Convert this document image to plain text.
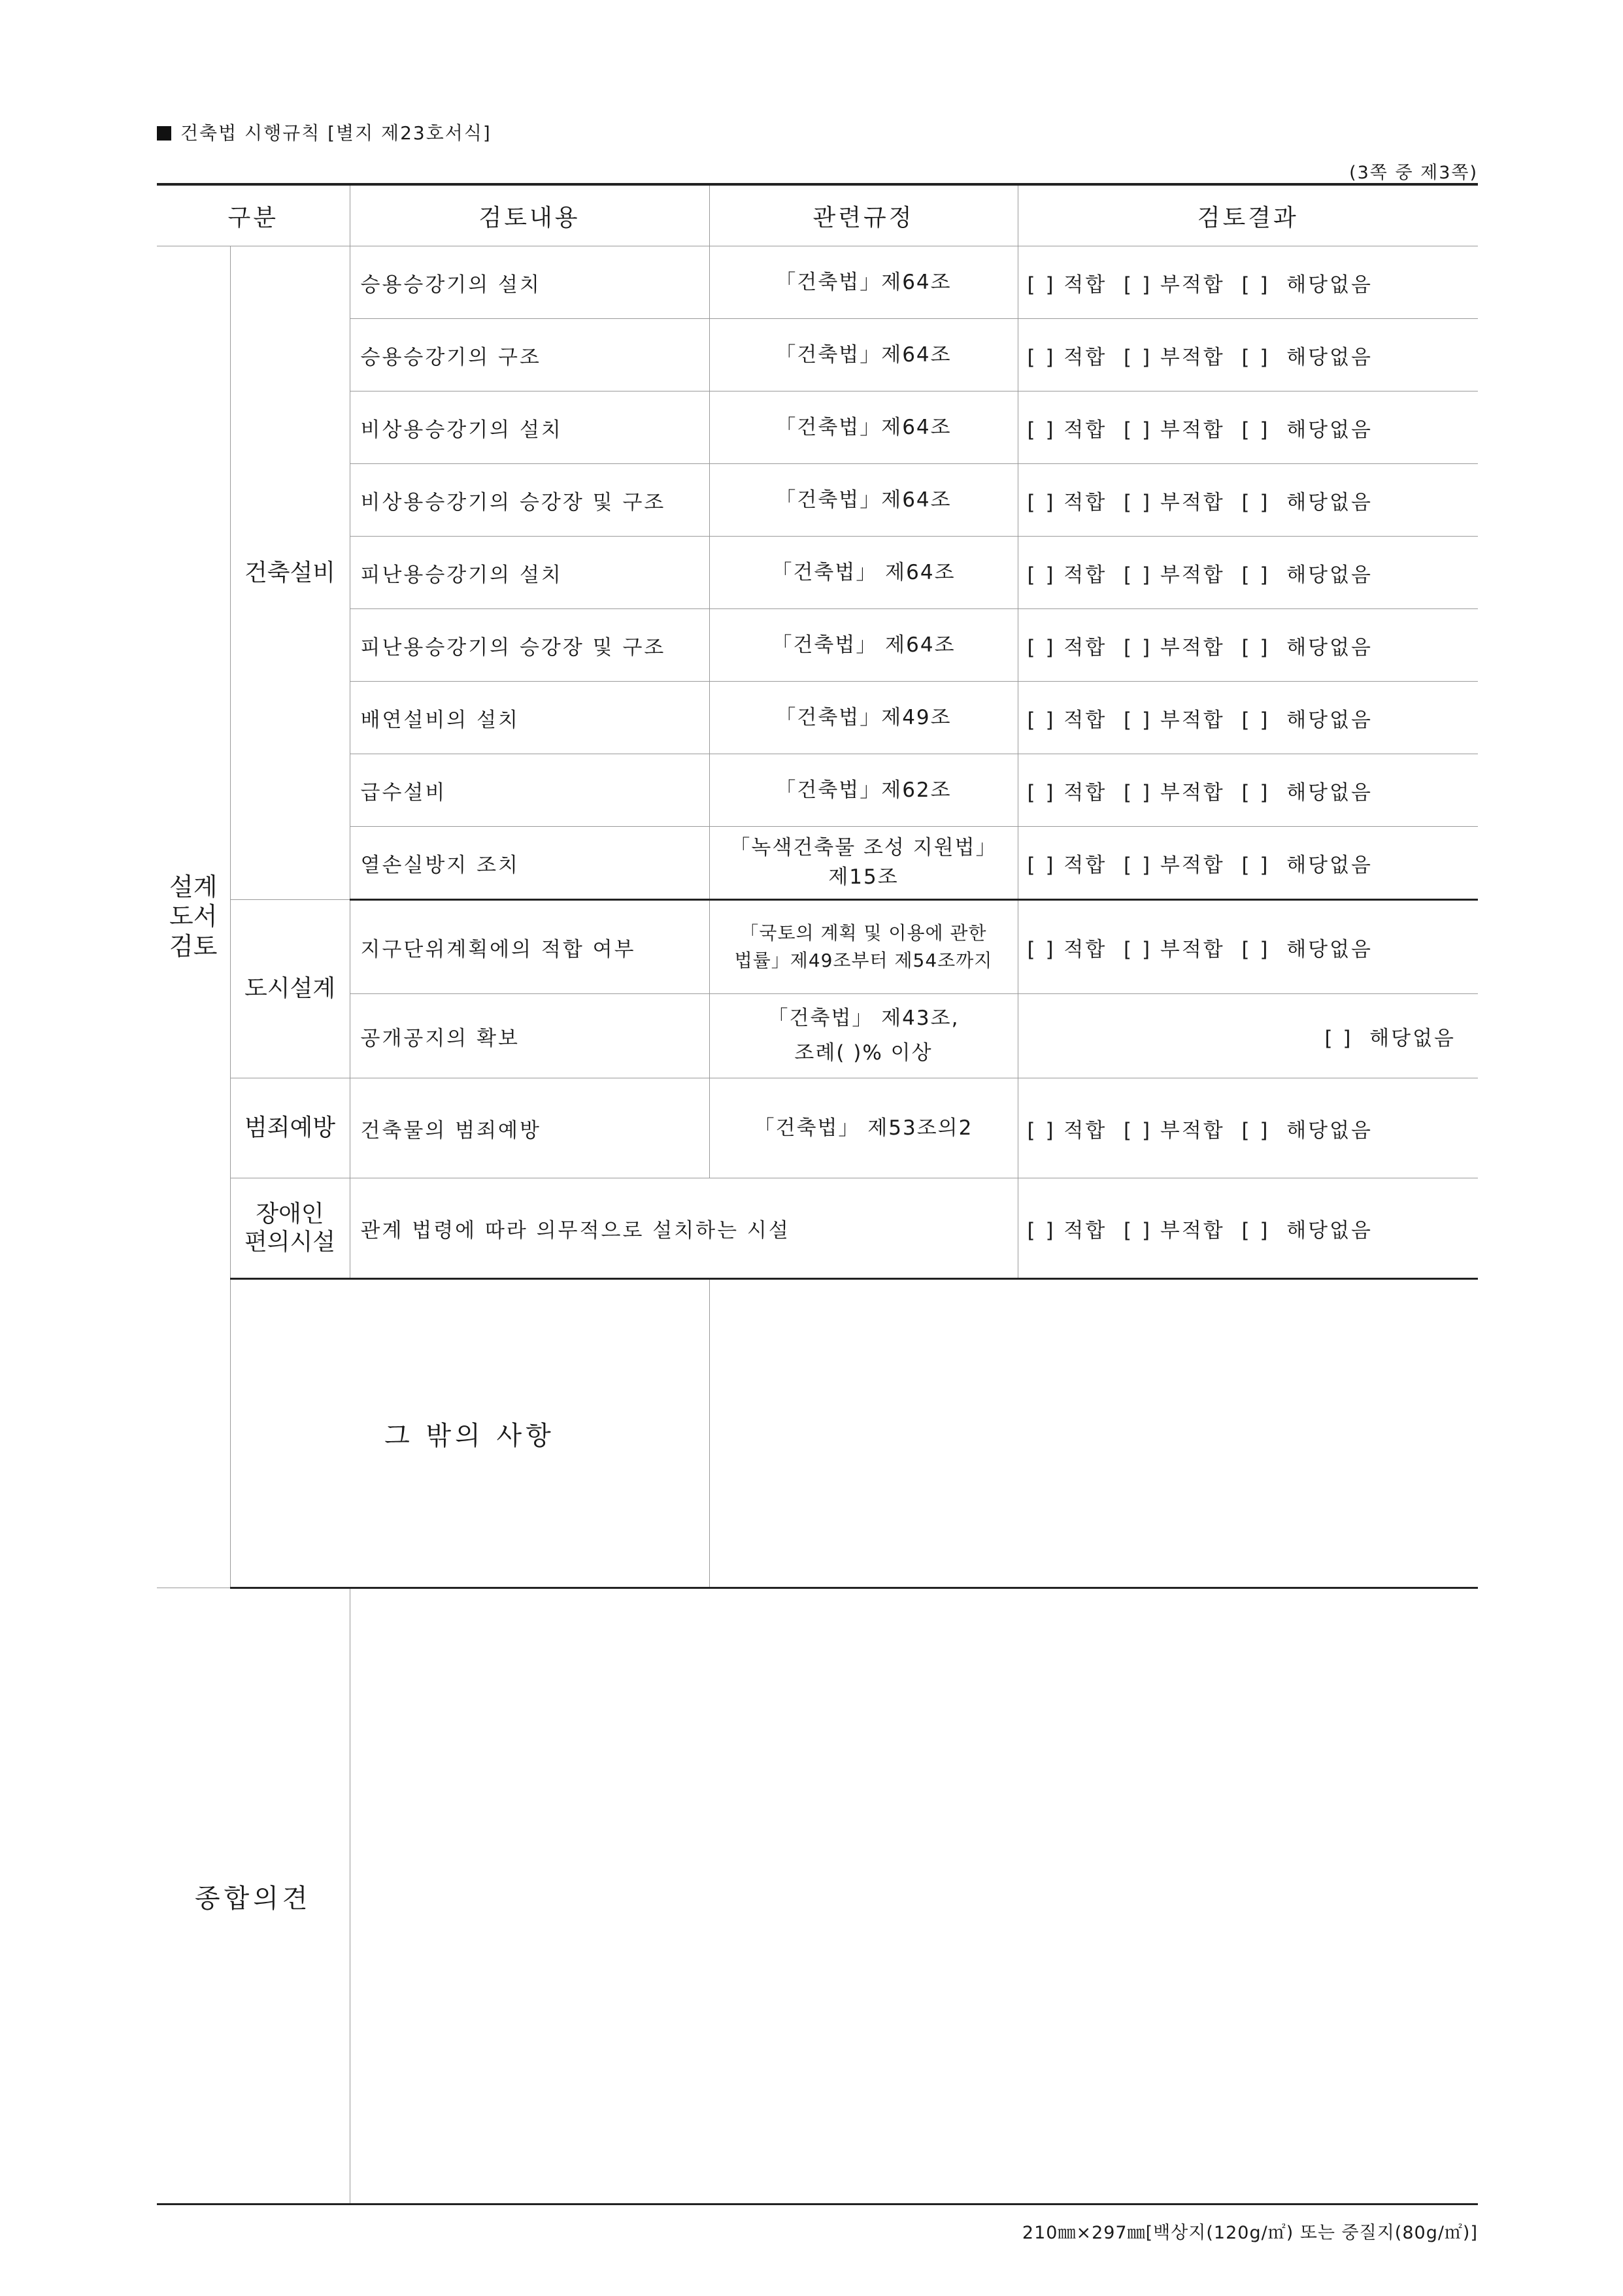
건축법 시행규칙 [별지 제23호서식]
(3쪽 중 제3쪽)
구분		검토내용	관련규정	검토결과
설계
도서
검토	건축설비	승용승강기의 설치	「건축법」제64조	[ ] 적합  [ ] 부적합  [ ]  해당없음
		승용승강기의 구조	「건축법」제64조	[ ] 적합  [ ] 부적합  [ ]  해당없음
		비상용승강기의 설치	「건축법」제64조	[ ] 적합  [ ] 부적합  [ ]  해당없음
		비상용승강기의 승강장 및 구조	「건축법」제64조	[ ] 적합  [ ] 부적합  [ ]  해당없음
		피난용승강기의 설치	「건축법」 제64조	[ ] 적합  [ ] 부적합  [ ]  해당없음
		피난용승강기의 승강장 및 구조	「건축법」 제64조	[ ] 적합  [ ] 부적합  [ ]  해당없음
		배연설비의 설치	「건축법」제49조	[ ] 적합  [ ] 부적합  [ ]  해당없음
		급수설비	「건축법」제62조	[ ] 적합  [ ] 부적합  [ ]  해당없음
		열손실방지 조치	「녹색건축물 조성 지원법」
제15조	[ ] 적합  [ ] 부적합  [ ]  해당없음
	도시설계	지구단위계획에의 적합 여부	「국토의 계획 및 이용에 관한
법률」제49조부터 제54조까지	[ ] 적합  [ ] 부적합  [ ]  해당없음
		공개공지의 확보	「건축법」 제43조,
조례( )% 이상	[ ]  해당없음
	범죄예방	건축물의 범죄예방	「건축법」 제53조의2	[ ] 적합  [ ] 부적합  [ ]  해당없음
	장애인
편의시설	관계 법령에 따라 의무적으로 설치하는 시설		[ ] 적합  [ ] 부적합  [ ]  해당없음
	그 밖의 사항			
종합의견				
210㎜×297㎜[백상지(120g/㎡) 또는 중질지(80g/㎡)]
